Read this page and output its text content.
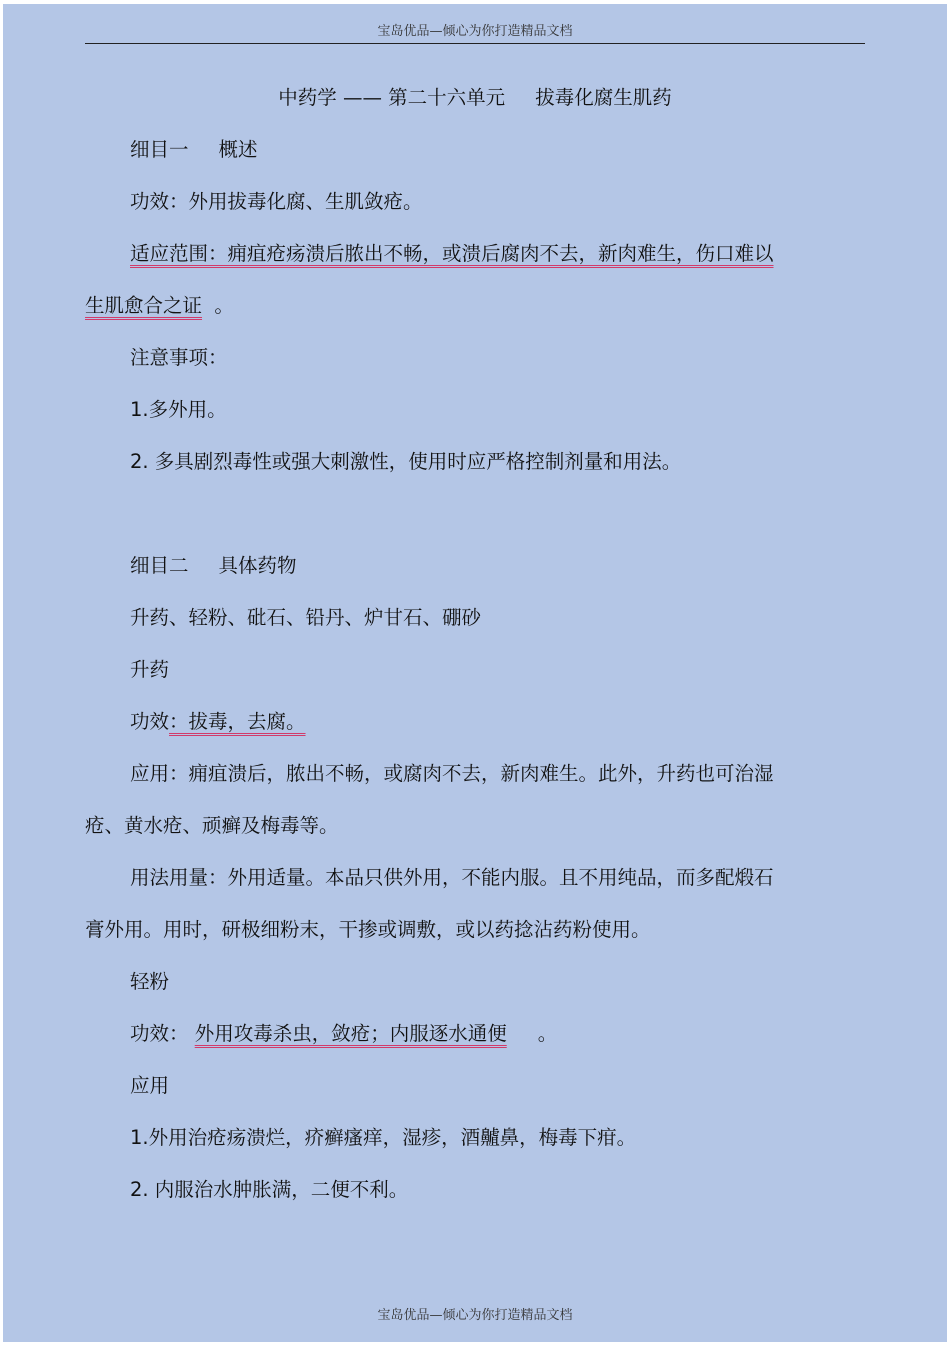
宝岛优品—倾心为你打造精品文档
中药学 —— 第二十六单元 拔毒化腐生肌药
细目一 概述
功效：外用拔毒化腐、生肌敛疮。
适应范围：痈疽疮疡溃后脓出不畅，或溃后腐肉不去，新肉难生，伤口难以
生肌愈合之证 。
注意事项：
1.多外用。
2. 多具剧烈毒性或强大刺激性，使用时应严格控制剂量和用法。
细目二 具体药物
升药、轻粉、砒石、铅丹、炉甘石、硼砂
升药
功效：拔毒，去腐。
应用：痈疽溃后，脓出不畅，或腐肉不去，新肉难生。此外，升药也可治湿
疮、黄水疮、顽癣及梅毒等。
用法用量：外用适量。本品只供外用，不能内服。且不用纯品，而多配煅石
膏外用。用时，研极细粉末，干掺或调敷，或以药捻沾药粉使用。
轻粉
功效： 外用攻毒杀虫，敛疮；内服逐水通便 。
应用
1.外用治疮疡溃烂，疥癣瘙痒，湿疹，酒齇鼻，梅毒下疳。
2. 内服治水肿胀满，二便不利。
宝岛优品—倾心为你打造精品文档
